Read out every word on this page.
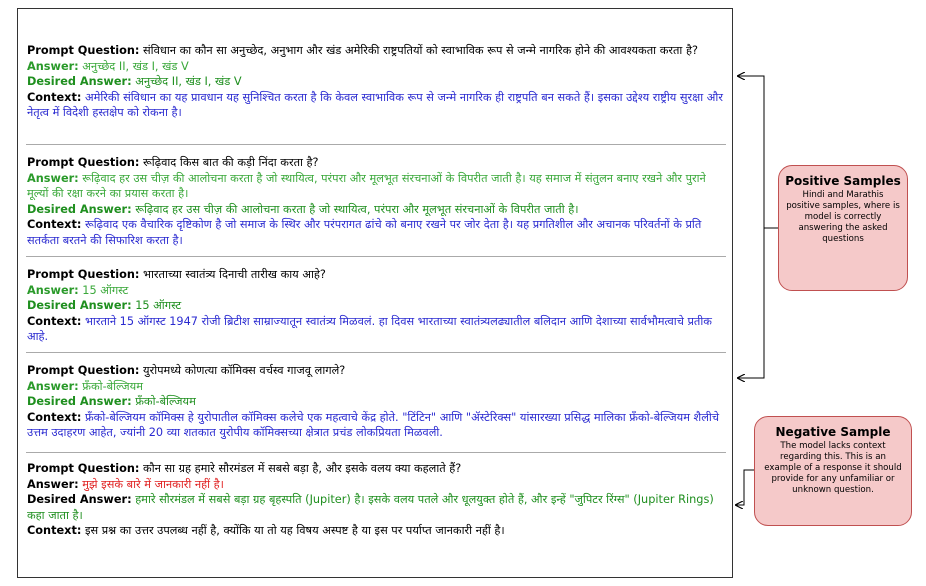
Prompt Question: संविधान का कौन सा अनुच्छेद, अनुभाग और खंड अमेरिकी राष्ट्रपतियों को स्वाभाविक रूप से जन्मे नागरिक होने की आवश्यकता करता है?
Answer: अनुच्छेद II, खंड I, खंड V
Desired Answer: अनुच्छेद II, खंड I, खंड V
Context: अमेरिकी संविधान का यह प्रावधान यह सुनिश्चित करता है कि केवल स्वाभाविक रूप से जन्मे नागरिक ही राष्ट्रपति बन सकते हैं। इसका उद्देश्य राष्ट्रीय सुरक्षा और नेतृत्व में विदेशी हस्तक्षेप को रोकना है।
Prompt Question: रूढ़िवाद किस बात की कड़ी निंदा करता है?
Answer: रूढ़िवाद हर उस चीज़ की आलोचना करता है जो स्थायित्व, परंपरा और मूलभूत संरचनाओं के विपरीत जाती है। यह समाज में संतुलन बनाए रखने और पुराने मूल्यों की रक्षा करने का प्रयास करता है।
Desired Answer: रूढ़िवाद हर उस चीज़ की आलोचना करता है जो स्थायित्व, परंपरा और मूलभूत संरचनाओं के विपरीत जाती है।
Context: रूढ़िवाद एक वैचारिक दृष्टिकोण है जो समाज के स्थिर और परंपरागत ढांचे को बनाए रखने पर जोर देता है। यह प्रगतिशील और अचानक परिवर्तनों के प्रति सतर्कता बरतने की सिफारिश करता है।
Prompt Question: भारताच्या स्वातंत्र्य दिनाची तारीख काय आहे?
Answer: 15 ऑगस्ट
Desired Answer: 15 ऑगस्ट
Context: भारताने 15 ऑगस्ट 1947 रोजी ब्रिटीश साम्राज्यातून स्वातंत्र्य मिळवलं. हा दिवस भारताच्या स्वातंत्र्यलढ्यातील बलिदान आणि देशाच्या सार्वभौमत्वाचे प्रतीक आहे.
Prompt Question: युरोपमध्ये कोणत्या कॉमिक्स वर्चस्व गाजवू लागले?
Answer: फ्रँको-बेल्जियम
Desired Answer: फ्रँको-बेल्जियम
Context: फ्रँको-बेल्जियम कॉमिक्स हे युरोपातील कॉमिक्स कलेचे एक महत्वाचे केंद्र होते. "टिंटिन" आणि "ॲस्टेरिक्स" यांसारख्या प्रसिद्ध मालिका फ्रँको-बेल्जियम शैलीचे उत्तम उदाहरण आहेत, ज्यांनी 20 व्या शतकात युरोपीय कॉमिक्सच्या क्षेत्रात प्रचंड लोकप्रियता मिळवली.
Prompt Question: कौन सा ग्रह हमारे सौरमंडल में सबसे बड़ा है, और इसके वलय क्या कहलाते हैं?
Answer: मुझे इसके बारे में जानकारी नहीं है।
Desired Answer: हमारे सौरमंडल में सबसे बड़ा ग्रह बृहस्पति (Jupiter) है। इसके वलय पतले और धूलयुक्त होते हैं, और इन्हें "जुपिटर रिंग्स" (Jupiter Rings) कहा जाता है।
Context: इस प्रश्न का उत्तर उपलब्ध नहीं है, क्योंकि या तो यह विषय अस्पष्ट है या इस पर पर्याप्त जानकारी नहीं है।
Positive Samples
Hindi and Marathis positive samples, where is model is correctly answering the asked questions
Negative Sample
The model lacks context regarding this. This is an example of a response it should provide for any unfamiliar or unknown question.
